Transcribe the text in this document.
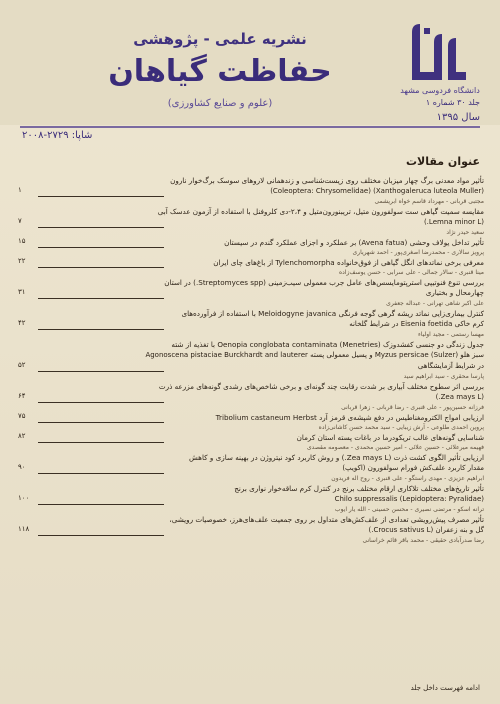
دانشگاه فردوسی مشهد
نشریه علمی - پژوهشی
حفاظت گیاهان
(علوم و صنایع کشاورزی)	جلد ۳۰ شماره ۱
سال ۱۳۹۵
شاپا: ۲۷۲۹-۲۰۰۸
عنوان مقالات
تأثیر مواد معدنی برگ چهار میزبان مختلف روی زیست‌شناسی و زندهمانی لاروهای سوسک برگ‌خوار نارون
(Xanthogaleruca luteola Muller) (Coleoptera: Chrysomelidae)
۱
مجتبی قربانی - مهرداد قاسم خواه ابریشمی
مقایسه سمیت گیاهی ست سولفورون متیل، تریبنورون‌متیل و ۲،۴-دی کلروفنل با استفاده از آزمون عدسک آبی
(Lemna minor L.)
۷
سعید حیدر نژاد
تأثیر تداخل یولاف وحشی (Avena fatua) بر عملکرد و اجزای عملکرد گندم در سیستان
۱۵
پرویز سالاری - محمدرضا اصغری‌پور - احمد شهریاری
معرفی برخی نماتدهای انگل گیاهی از فوق‌خانواده Tylenchomorpha از باغ‌های چای ایران
۲۲
مینا قنبری - سالار جمالی - علی سرابی - حسن یوسف‌زاده
بررسی تنوع فنوتیپی استرپتومایسس‌های عامل جرب معمولی سیب‌زمینی (Streptomyces spp.) در استان
چهارمحال و بختیاری
۳۱
علی اکبر شاهی تهرانی - عبداله جعفری
کنترل بیماری‌زایی نماتد ریشه گرهی گوجه فرنگی Meloidogyne javanica با استفاده از فرآورده‌های
کرم خاکی Eisenia foetida در شرایط گلخانه
۴۲
مهسا رستمی - مجید اولیاء
جدول زندگی دو جنسی کفشدوزک Oenopia conglobata contaminata (Menetries) با تغذیه از شته
سبز هلو (Sulzer) Myzus persicae و پسیل معمولی پسته Agonoscena pistaciae Burckhardt and lauterer
در شرایط آزمایشگاهی
۵۲
پارسا محقری - سید ابراهیم سید
بررسی اثر سطوح مختلف آبیاری بر شدت رقابت چند گونه‌ای و برخی شاخص‌های رشدی گونه‌های مزرعه ذرت
(Zea mays L.)
۶۴
فرزانه حسین‌پور - علی قنبری - رضا قربانی - زهرا قربانی
ارزیابی امواج الکترومغناطیس در دفع شپشه‌ی قرمز آرد Tribolium castaneum Herbst
۷۵
پروین احمدی طلوعی - آرش زیبایی - سید محمد حسن کاشانی‌زاده
شناسایی گونه‌های غالب تریکودرما در باغات پسته استان کرمان
۸۲
فهیمه میرعلائی - حسین علائی - امیر حسین محمدی - معصومه مقصدی
ارزیابی تأثیر الگوی کشت ذرت (Zea mays L.) و روش کاربرد کود نیتروژن در بهینه سازی و کاهش
مقدار کاربرد علف‌کش فورام سولفورون (اکویپ)
۹۰
ابراهیم عزیزی - مهدی راستگو - علی قنبری - روح اله فریدون
تأثیر تاریخ‌های مختلف تلاکاری ارقام مختلف برنج در کنترل کرم ساقه‌خوار نواری برنج
Chilo suppressalis (Lepidoptera: Pyralidae)
۱۰۰
ترانه اسکو - مرتضی نصیری - محسن حسینی - الله یار ایوب
تأثیر مصرف پیش‌رویشی تعدادی از علف‌کش‌های متداول بر روی جمعیت علف‌های‌هرز، خصوصیات رویشی،
گل و بنه زعفران (Crocus sativus L.)
۱۱۸
رضا صدرآبادی حقیقی - محمد باقر قائم خراسانی
ادامه فهرست داخل جلد
